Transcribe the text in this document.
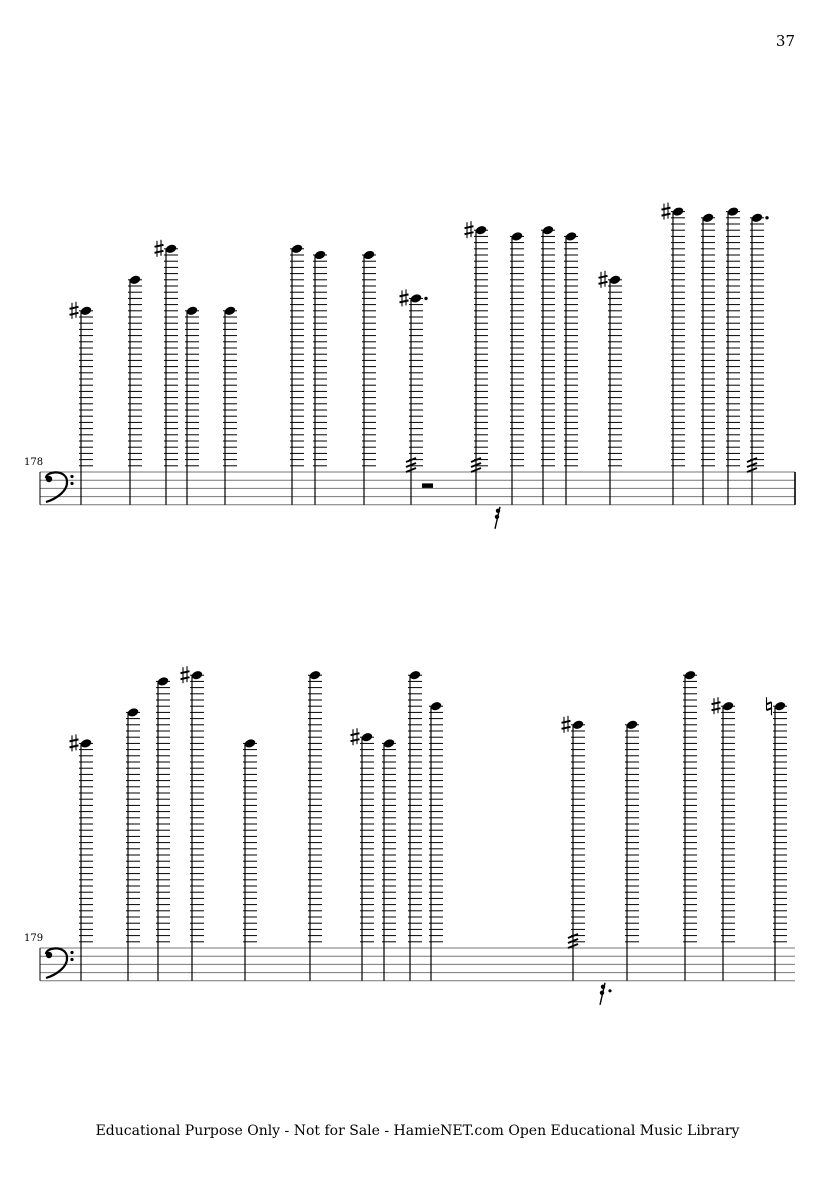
37
178
179
Educational Purpose Only - Not for Sale - HamieNET.com Open Educational Music Library
